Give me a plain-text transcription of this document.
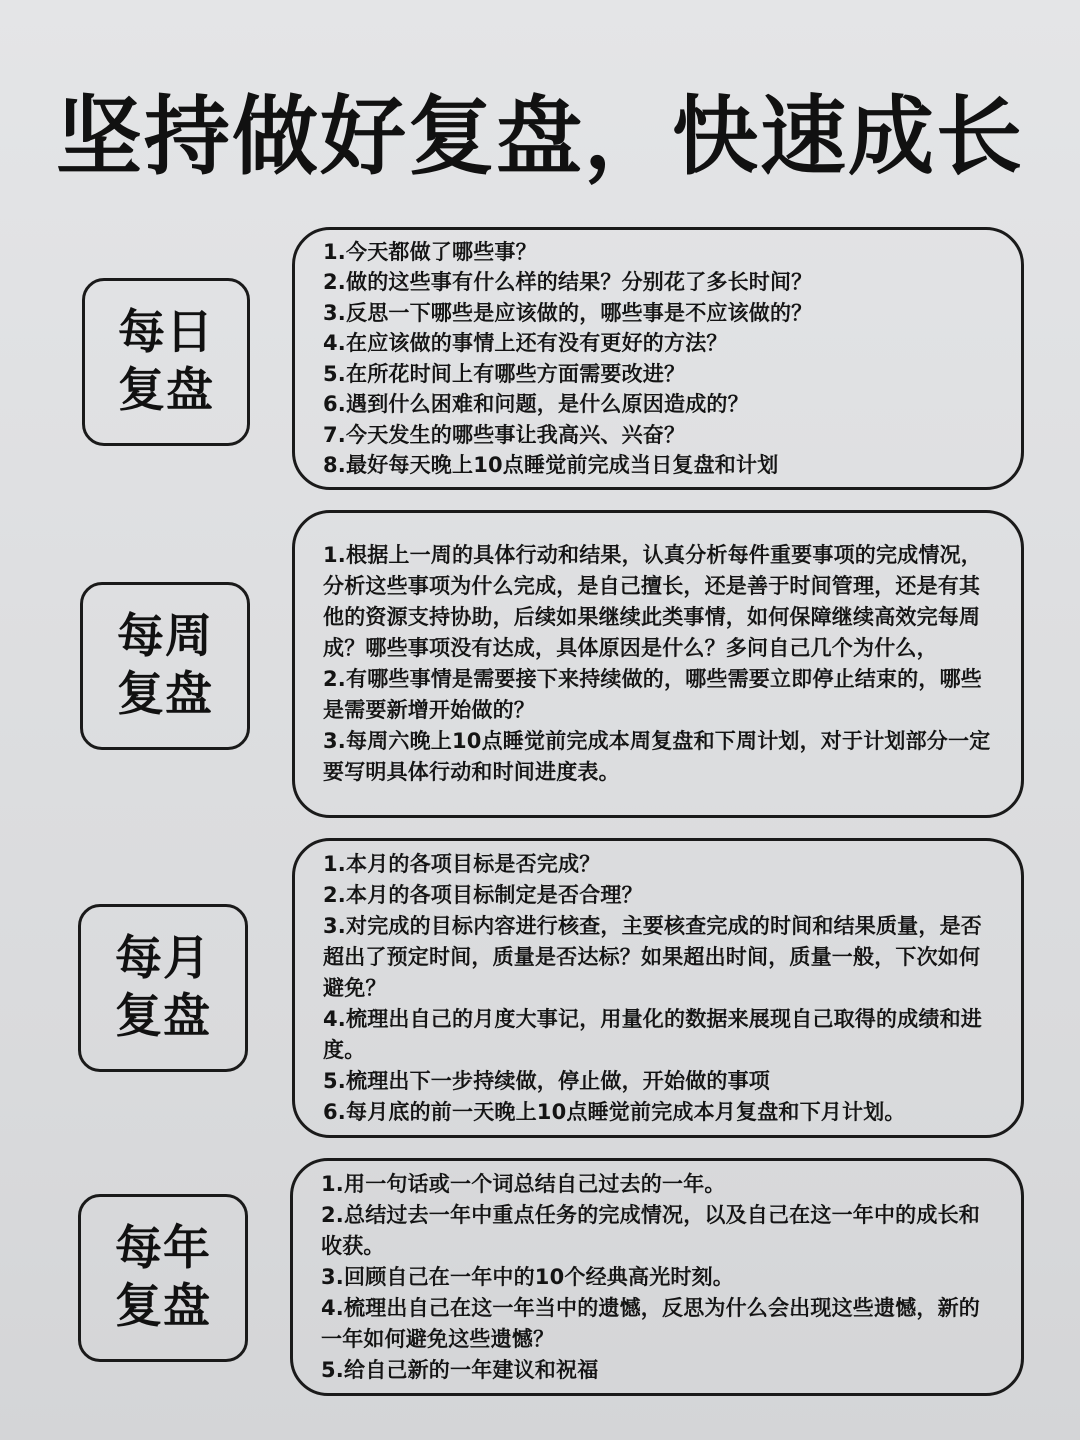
坚持做好复盘，快速成长
每日
复盘
1.今天都做了哪些事？
2.做的这些事有什么样的结果？分别花了多长时间？
3.反思一下哪些是应该做的，哪些事是不应该做的？
4.在应该做的事情上还有没有更好的方法？
5.在所花时间上有哪些方面需要改进？
6.遇到什么困难和问题，是什么原因造成的？
7.今天发生的哪些事让我高兴、兴奋？
8.最好每天晚上10点睡觉前完成当日复盘和计划
每周
复盘
1.根据上一周的具体行动和结果，认真分析每件重要事项的完成情况，分析这些事项为什么完成，是自己擅长，还是善于时间管理，还是有其他的资源支持协助，后续如果继续此类事情，如何保障继续高效完每周成？哪些事项没有达成，具体原因是什么？多问自己几个为什么，
2.有哪些事情是需要接下来持续做的，哪些需要立即停止结束的，哪些是需要新增开始做的？
3.每周六晚上10点睡觉前完成本周复盘和下周计划，对于计划部分一定要写明具体行动和时间进度表。
每月
复盘
1.本月的各项目标是否完成？
2.本月的各项目标制定是否合理？
3.对完成的目标内容进行核查，主要核查完成的时间和结果质量，是否超出了预定时间，质量是否达标？如果超出时间，质量一般，下次如何避免？
4.梳理出自己的月度大事记，用量化的数据来展现自己取得的成绩和进度。
5.梳理出下一步持续做，停止做，开始做的事项
6.每月底的前一天晚上10点睡觉前完成本月复盘和下月计划。
每年
复盘
1.用一句话或一个词总结自己过去的一年。
2.总结过去一年中重点任务的完成情况，以及自己在这一年中的成长和收获。
3.回顾自己在一年中的10个经典高光时刻。
4.梳理出自己在这一年当中的遗憾，反思为什么会出现这些遗憾，新的一年如何避免这些遗憾？
5.给自己新的一年建议和祝福
